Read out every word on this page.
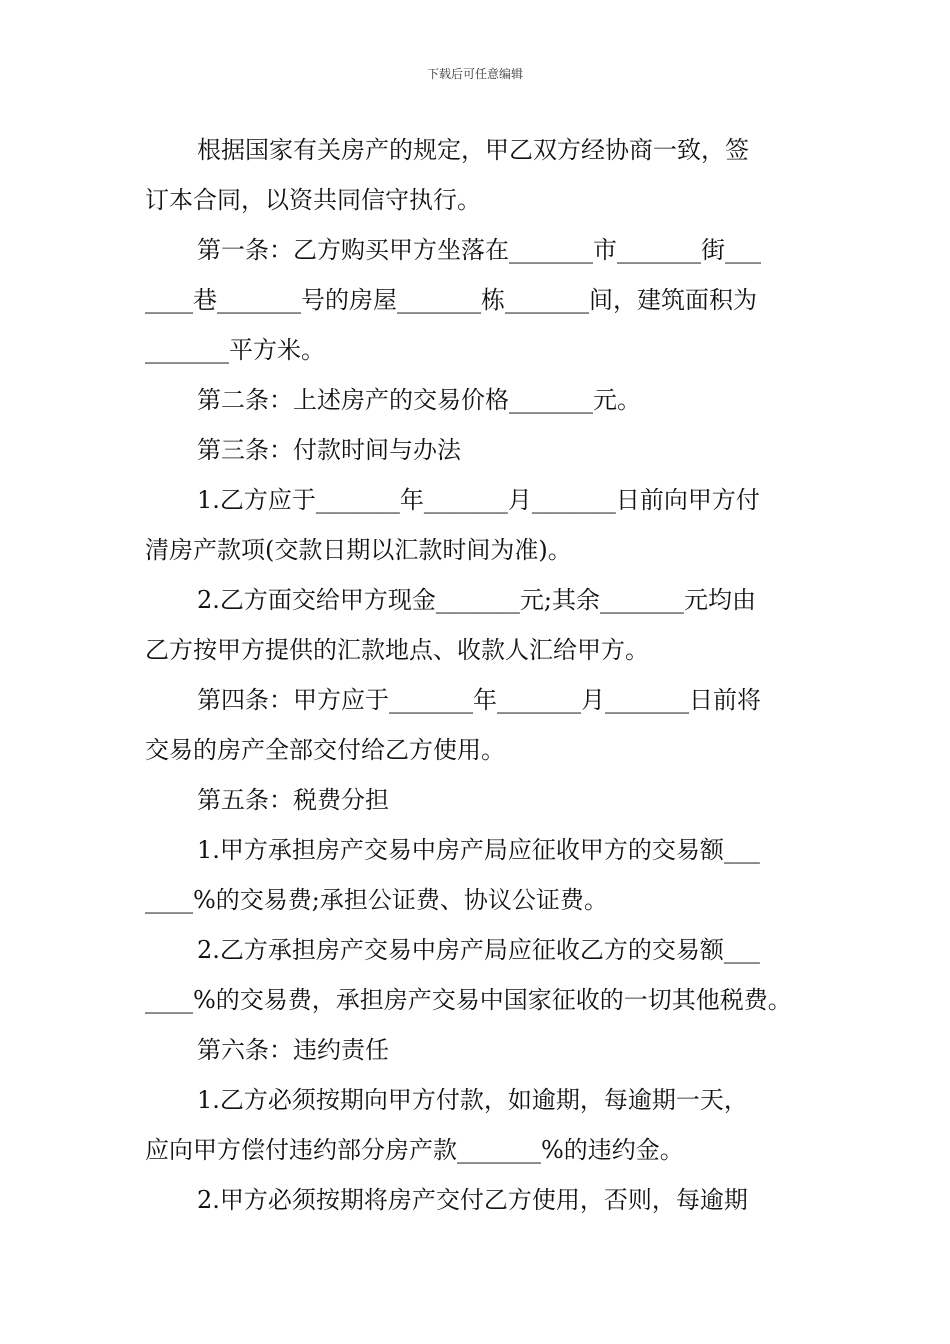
下载后可任意编辑
根据国家有关房产的规定，甲乙双方经协商一致，签
订本合同，以资共同信守执行。
第一条：乙方购买甲方坐落在_______市_______街___
____巷_______号的房屋_______栋_______间，建筑面积为
_______平方米。
第二条：上述房产的交易价格_______元。
第三条：付款时间与办法
1.乙方应于_______年_______月_______日前向甲方付
清房产款项(交款日期以汇款时间为准)。
2.乙方面交给甲方现金_______元;其余_______元均由
乙方按甲方提供的汇款地点、收款人汇给甲方。
第四条：甲方应于_______年_______月_______日前将
交易的房产全部交付给乙方使用。
第五条：税费分担
1.甲方承担房产交易中房产局应征收甲方的交易额___
____%的交易费;承担公证费、协议公证费。
2.乙方承担房产交易中房产局应征收乙方的交易额___
____%的交易费，承担房产交易中国家征收的一切其他税费。
第六条：违约责任
1.乙方必须按期向甲方付款，如逾期，每逾期一天，
应向甲方偿付违约部分房产款_______%的违约金。
2.甲方必须按期将房产交付乙方使用，否则，每逾期
